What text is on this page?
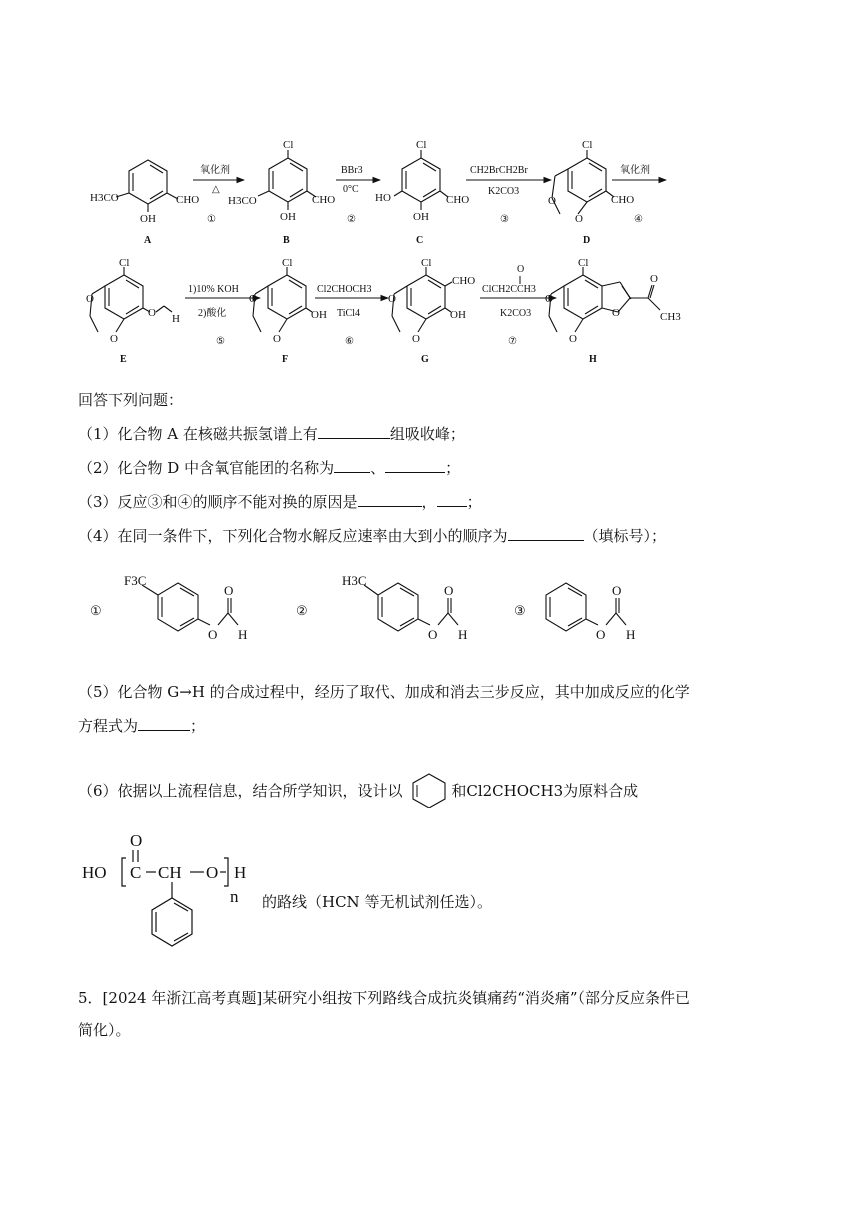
H3CO	CHO
OH
A
Cl
H3CO	CHO
OH
B
Cl
HO	CHO
OH
C
Cl
CHO
O
O
D
Cl
O H
O
O
E
Cl
OH
O
O
F
Cl
CHO
OH
O
O
G
Cl
O
O
CH3
O
O
H
氧化剂
△
①
BBr3
0°C
②
CH2BrCH2Br
K2CO3
③
氧化剂
④
1)10% KOH
2)酸化
⑤
Cl2CHOCH3
TiCl4
⑥
O
ClCH2CCH3
K2CO3
⑦
回答下列问题：
（1）化合物 A 在核磁共振氢谱上有	组吸收峰；
（2）化合物 D 中含氧官能团的名称为 、	；
（3）反应③和④的顺序不能对换的原因是	， ；
（4）在同一条件下，下列化合物水解反应速率由大到小的顺序为	（填标号）；
①
F3C
O
O
H
②
H3C
O
O
H
③
O
O
H
（5）化合物 G→H 的合成过程中，经历了取代、加成和消去三步反应，其中加成反应的化学
方程式为	；
（6）依据以上流程信息，结合所学知识，设计以	和Cl2CHOCH3为原料合成
HO
O
C CH O H
n 的路线（HCN 等无机试剂任选）。
5．[2024 年浙江高考真题]某研究小组按下列路线合成抗炎镇痛药“消炎痛”（部分反应条件已
简化）。
